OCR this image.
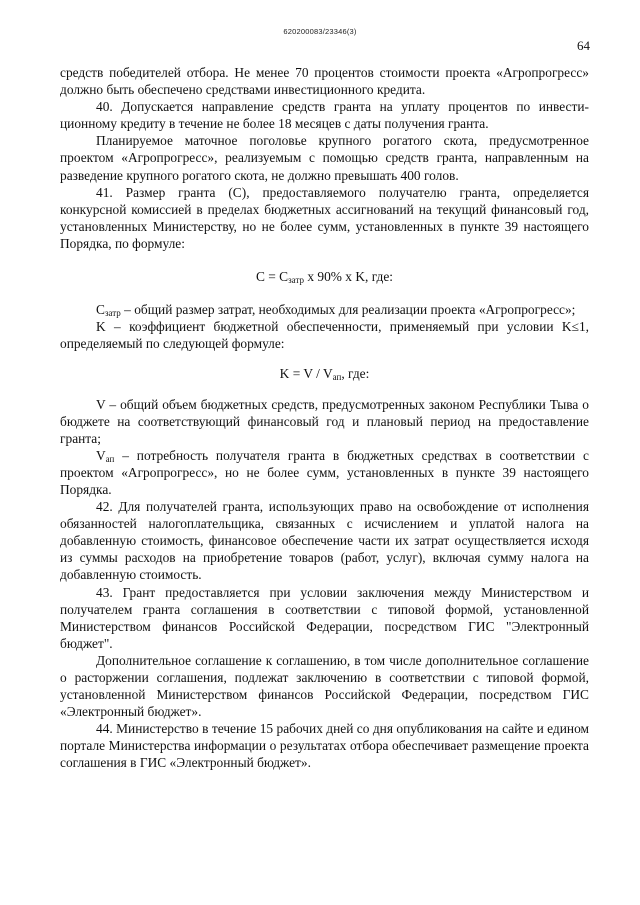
620200083/23346(3)
64

средств победителей отбора. Не менее 70 процентов стоимости проекта «Агропрогресс» должно быть обеспечено средствами инвестиционного кредита.

40. Допускается направление средств гранта на уплату процентов по инвестиционному кредиту в течение не более 18 месяцев с даты получения гранта.

Планируемое маточное поголовье крупного рогатого скота, предусмотренное проектом «Агропрогресс», реализуемым с помощью средств гранта, направленным на разведение крупного рогатого скота, не должно превышать 400 голов.

41. Размер гранта (С), предоставляемого получателю гранта, определяется конкурсной комиссией в пределах бюджетных ассигнований на текущий финансовый год, установленных Министерству, но не более сумм, установленных в пункте 39 настоящего Порядка, по формуле:

$C = C_{затр}$ x 90% x K, где:

$C_{затр}$ – общий размер затрат, необходимых для реализации проекта «Агропрогресс»;

K – коэффициент бюджетной обеспеченности, применяемый при условии K≤1, определяемый по следующей формуле:

$K = V / V_{ап}$, где:

V – общий объем бюджетных средств, предусмотренных законом Республики Тыва о бюджете на соответствующий финансовый год и плановый период на предоставление гранта;

$V_{ап}$ – потребность получателя гранта в бюджетных средствах в соответствии с проектом «Агропрогресс», но не более сумм, установленных в пункте 39 настоящего Порядка.

42. Для получателей гранта, использующих право на освобождение от исполнения обязанностей налогоплательщика, связанных с исчислением и уплатой налога на добавленную стоимость, финансовое обеспечение части их затрат осуществляется исходя из суммы расходов на приобретение товаров (работ, услуг), включая сумму налога на добавленную стоимость.

43. Грант предоставляется при условии заключения между Министерством и получателем гранта соглашения в соответствии с типовой формой, установленной Министерством финансов Российской Федерации, посредством ГИС "Электронный бюджет".

Дополнительное соглашение к соглашению, в том числе дополнительное соглашение о расторжении соглашения, подлежат заключению в соответствии с типовой формой, установленной Министерством финансов Российской Федерации, посредством ГИС «Электронный бюджет».

44. Министерство в течение 15 рабочих дней со дня опубликования на сайте и едином портале Министерства информации о результатах отбора обеспечивает размещение проекта соглашения в ГИС «Электронный бюджет».
